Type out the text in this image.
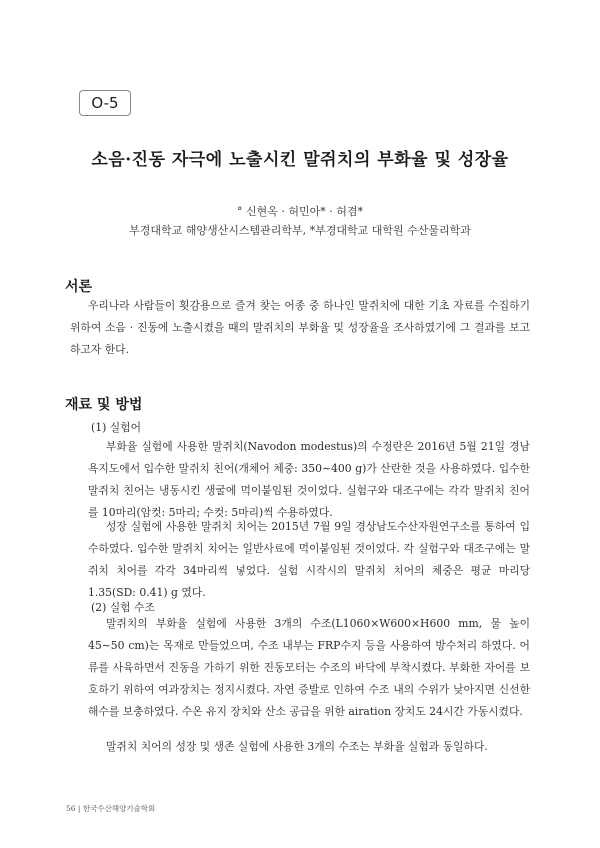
O-5
소음·진동 자극에 노출시킨 말쥐치의 부화율 및 성장율
° 신현옥 · 허민아* · 허겸*
부경대학교 해양생산시스템관리학부, *부경대학교 대학원 수산물리학과
서론

우리나라 사람들이 횟감용으로 즐겨 찾는 어종 중 하나인 말쥐치에 대한 기초 자료를 수집하기 위하여 소음 · 진동에 노출시켰을 때의 말쥐치의 부화율 및 성장율을 조사하였기에 그 결과를 보고하고자 한다.

재료 및 방법
(1) 실험어

부화율 실험에 사용한 말쥐치(Navodon modestus)의 수정란은 2016년 5월 21일 경남 욕지도에서 입수한 말쥐치 친어(개체어 체중: 350∼400 g)가 산란한 것을 사용하였다. 입수한 말쥐치 친어는 냉동시킨 생굴에 먹이붙임된 것이었다. 실험구와 대조구에는 각각 말쥐치 친어를 10마리(암컷: 5마리; 수컷: 5마리)씩 수용하였다.

성장 실험에 사용한 말쥐치 치어는 2015년 7월 9일 경상남도수산자원연구소를 통하여 입수하였다. 입수한 말쥐치 치어는 일반사료에 먹이붙임된 것이었다. 각 실험구와 대조구에는 말쥐치 치어를 각각 34마리씩 넣었다. 실험 시작시의 말쥐치 치어의 체중은 평균 마리당 1.35(SD: 0.41) g 였다.

(2) 실험 수조

말쥐치의 부화율 실험에 사용한 3개의 수조(L1060×W600×H600 mm, 물 높이 45∼50 cm)는 목재로 만들었으며, 수조 내부는 FRP수지 등을 사용하여 방수처리 하였다. 어류를 사육하면서 진동을 가하기 위한 진동모터는 수조의 바닥에 부착시켰다. 부화한 자어를 보호하기 위하여 여과장치는 정지시켰다. 자연 증발로 인하여 수조 내의 수위가 낮아지면 신선한 해수를 보충하였다. 수온 유지 장치와 산소 공급을 위한 airation 장치도 24시간 가동시켰다.

말쥐치 치어의 성장 및 생존 실험에 사용한 3개의 수조는 부화율 실험과 동일하다.

56 | 한국수산해양기술학회
